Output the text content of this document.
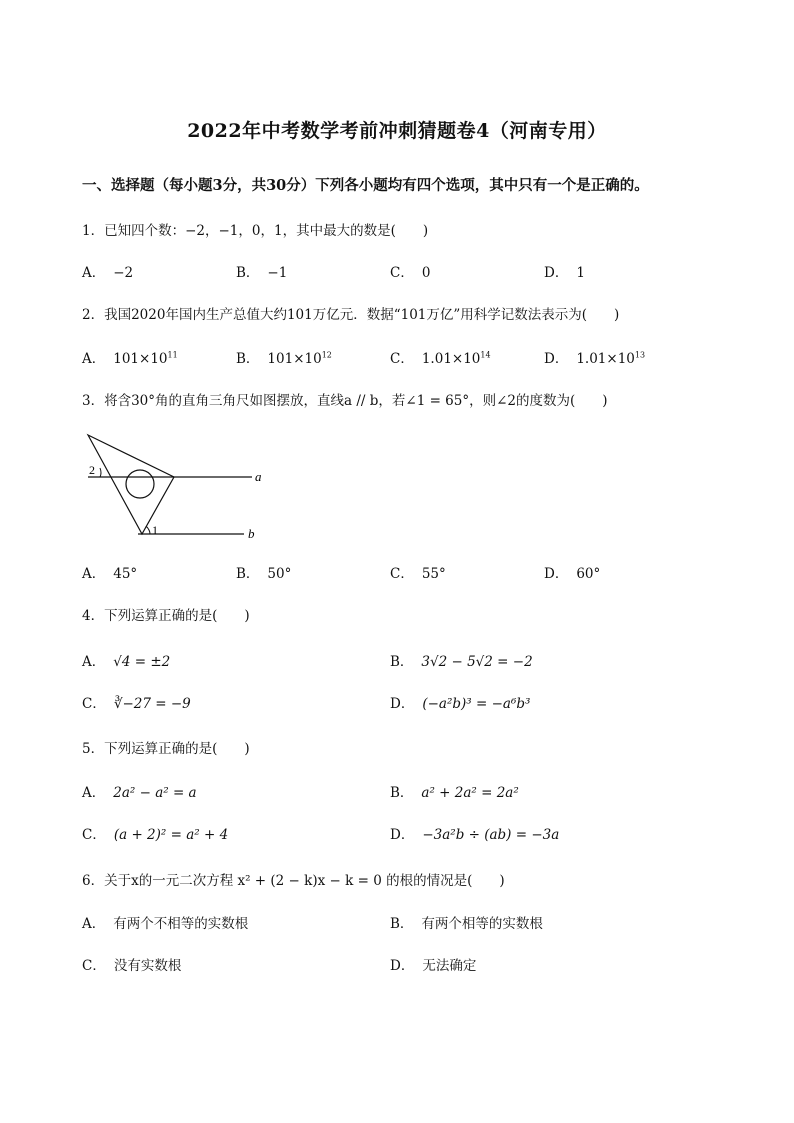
2022年中考数学考前冲刺猜题卷4（河南专用）
一、选择题（每小题3分，共30分）下列各小题均有四个选项，其中只有一个是正确的。
1．已知四个数：−2，−1，0，1，其中最大的数是(　　)
A． −2	B． −1	C． 0	D． 1
2．我国2020年国内生产总值大约101万亿元．数据“101万亿”用科学记数法表示为(　　)
A． $101\times 10^{11}$	B． $101\times 10^{12}$	C． $1.01\times 10^{14}$	D． $1.01\times 10^{13}$
3．将含30°角的直角三角尺如图摆放，直线a // b，若∠1 = 65°，则∠2的度数为(　　)
a
b
1
2
A． 45°	B． 50°	C． 55°	D． 60°
4．下列运算正确的是(　　)
A． √4 = ±2	B． 3√2 − 5√2 = −2
C． ∛−27 = −9	D． (−a²b)³ = −a⁶b³
5．下列运算正确的是(　　)
A． 2a² − a² = a	B． a² + 2a² = 2a²
C． (a + 2)² = a² + 4	D． −3a²b ÷ (ab) = −3a
6．关于x的一元二次方程 x² + (2 − k)x − k = 0 的根的情况是(　　)
A． 有两个不相等的实数根	B． 有两个相等的实数根
C． 没有实数根	D． 无法确定
